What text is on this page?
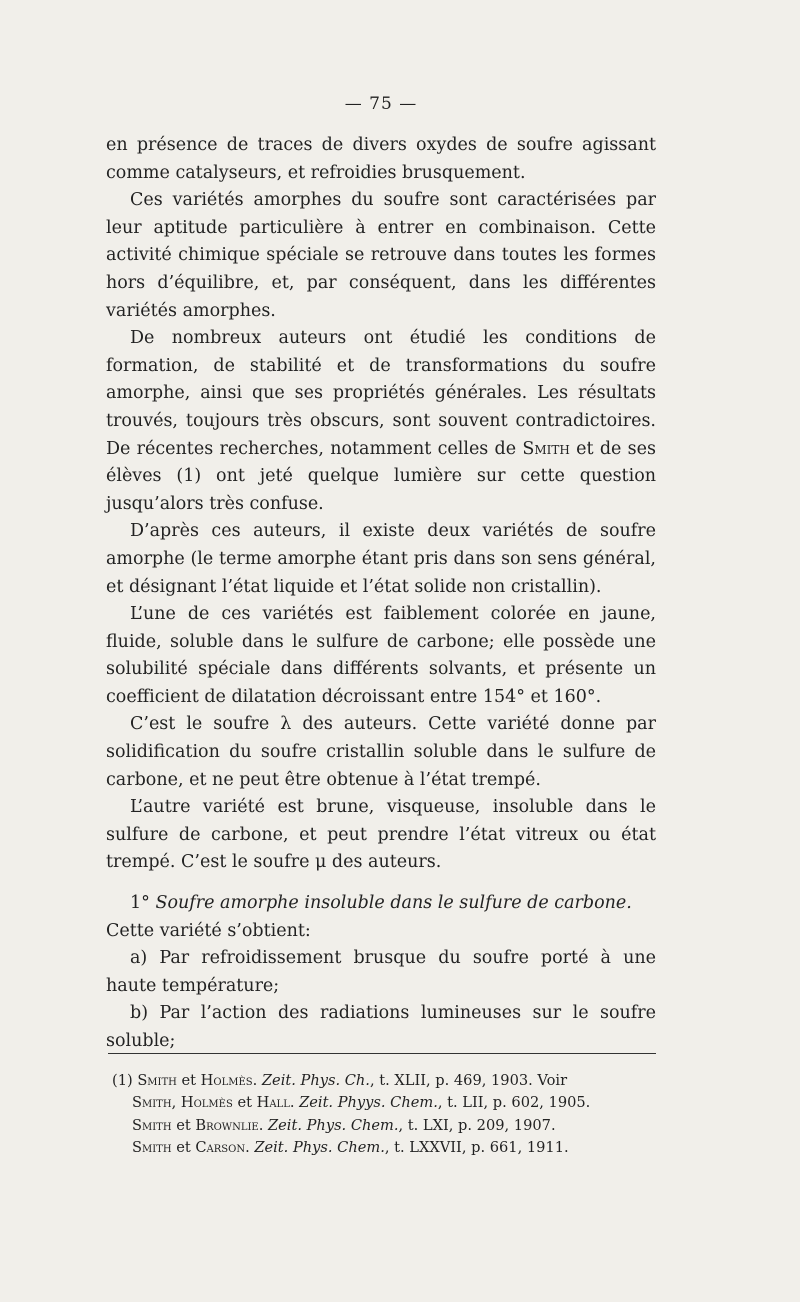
— 75 —

en présence de traces de divers oxydes de soufre agissant comme catalyseurs, et refroidies brusquement.

Ces variétés amorphes du soufre sont caractérisées par leur aptitude particulière à entrer en combinaison. Cette activité chimique spéciale se retrouve dans toutes les formes hors d’équilibre, et, par conséquent, dans les différentes variétés amorphes.

De nombreux auteurs ont étudié les conditions de formation, de stabilité et de transformations du soufre amorphe, ainsi que ses propriétés générales. Les résultats trouvés, toujours très obscurs, sont souvent contradictoires. De récentes recherches, notamment celles de Smith et de ses élèves (1) ont jeté quelque lumière sur cette question jusqu’alors très confuse.

D’après ces auteurs, il existe deux variétés de soufre amorphe (le terme amorphe étant pris dans son sens général, et désignant l’état liquide et l’état solide non cristallin).

L’une de ces variétés est faiblement colorée en jaune, fluide, soluble dans le sulfure de carbone; elle possède une solubilité spéciale dans différents solvants, et présente un coefficient de dilatation décroissant entre 154° et 160°.

C’est le soufre λ des auteurs. Cette variété donne par solidification du soufre cristallin soluble dans le sulfure de carbone, et ne peut être obtenue à l’état trempé.

L’autre variété est brune, visqueuse, insoluble dans le sulfure de carbone, et peut prendre l’état vitreux ou état trempé. C’est le soufre μ des auteurs.

1° Soufre amorphe insoluble dans le sulfure de carbone.

Cette variété s’obtient:

a) Par refroidissement brusque du soufre porté à une haute température;

b) Par l’action des radiations lumineuses sur le soufre soluble;

(1) Smith et Holmès. Zeit. Phys. Ch., t. XLII, p. 469, 1903. Voir

Smith, Holmès et Hall. Zeit. Phyys. Chem., t. LII, p. 602, 1905.

Smith et Brownlie. Zeit. Phys. Chem., t. LXI, p. 209, 1907.

Smith et Carson. Zeit. Phys. Chem., t. LXXVII, p. 661, 1911.
